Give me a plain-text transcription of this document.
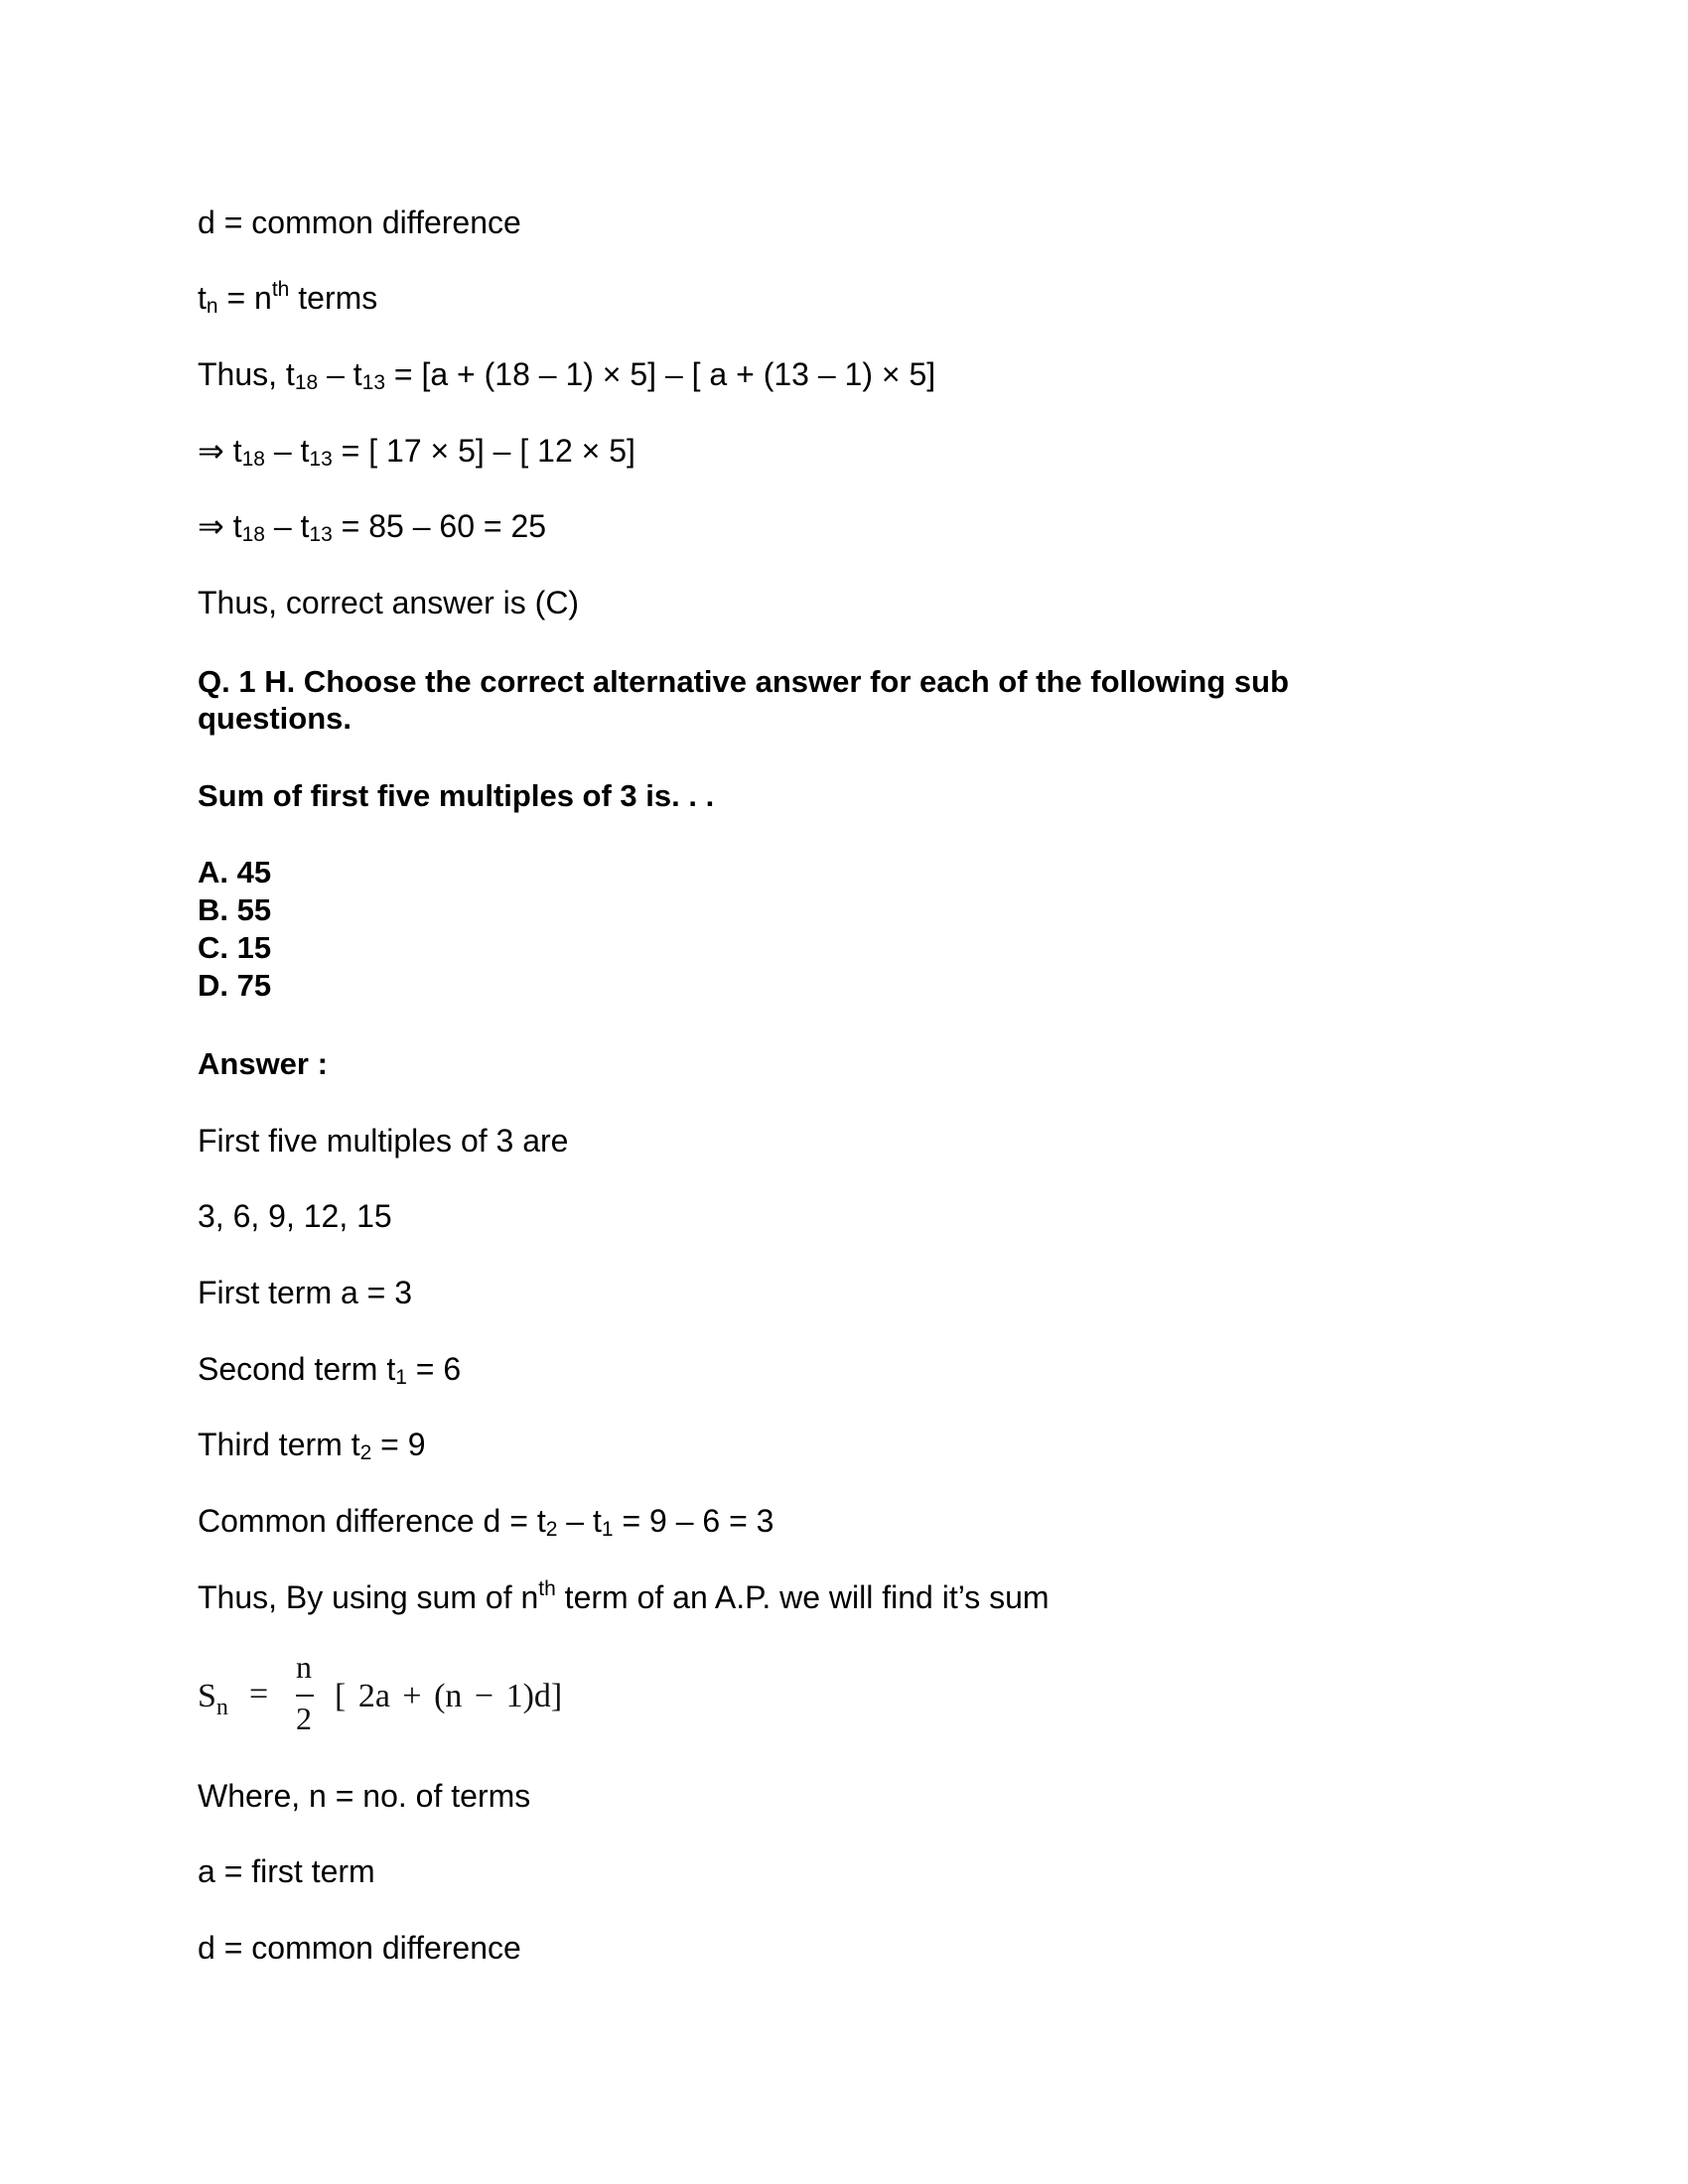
d = common difference
tn = $n^{th}$ terms
Thus, t18 – t13 = [a + (18 – 1) × 5] – [ a + (13 – 1) × 5]
⇒ t18 – t13 = [ 17 × 5] – [ 12 × 5]
⇒ t18 – t13 = 85 – 60 = 25
Thus, correct answer is (C)
Q. 1 H. Choose the correct alternative answer for each of the following sub
questions.
Sum of first five multiples of 3 is. . .
A. 45
B. 55
C. 15
D. 75
Answer :
First five multiples of 3 are
3, 6, 9, 12, 15
First term a = 3
Second term t1 = 6
Third term t2 = 9
Common difference d = t2 – t1 = 9 – 6 = 3
Thus, By using sum of $n^{th}$ term of an A.P. we will find it’s sum
$S_n$ =
n
2
[ 2a + (n − 1)d]
Where, n = no. of terms
a = first term
d = common difference
